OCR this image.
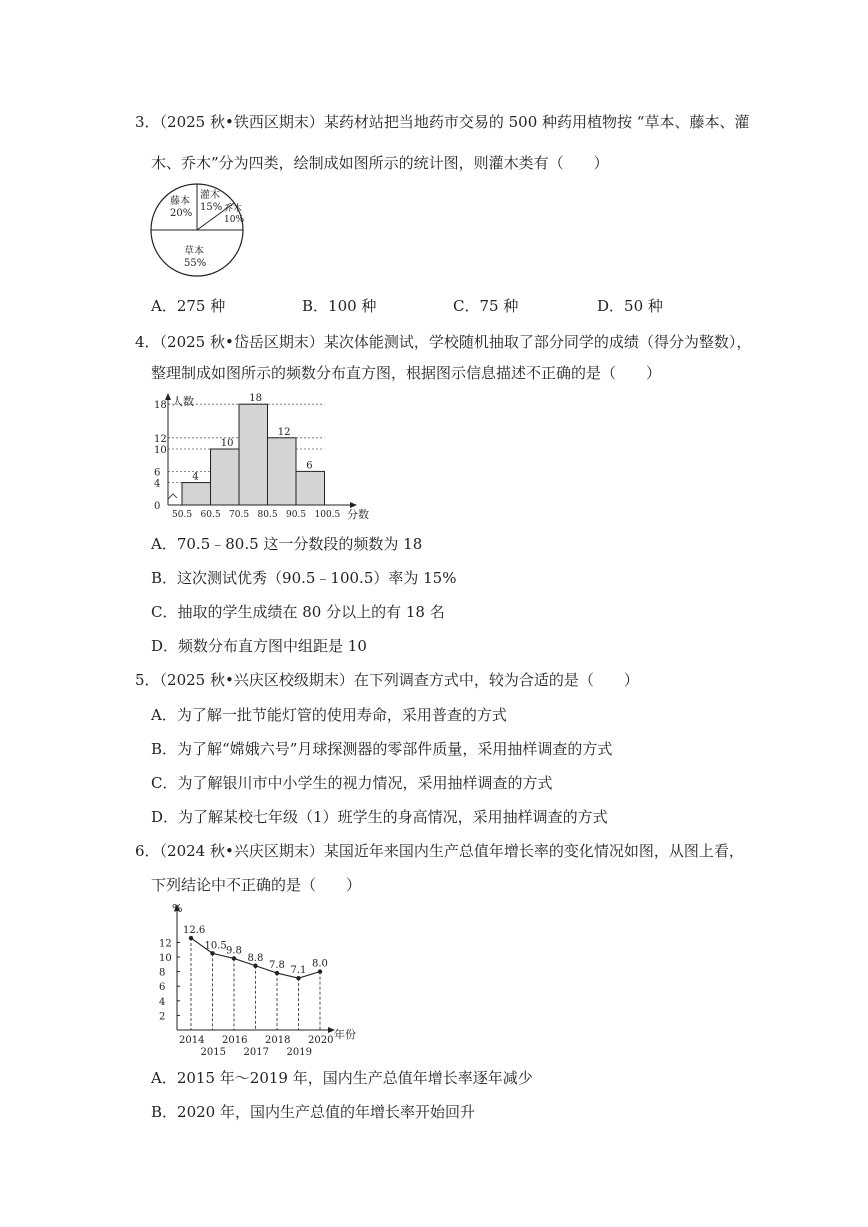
3．（2025 秋•铁西区期末）某药材站把当地药市交易的 500 种药用植物按 “草本、藤本、灌
木、乔木”分为四类，绘制成如图所示的统计图，则灌木类有（　　）
藤本
20%
灌木
15% 乔木
10%
草本
55%
A．275 种	B．100 种	C．75 种	D．50 种
4．（2025 秋•岱岳区期末）某次体能测试，学校随机抽取了部分同学的成绩（得分为整数），
整理制成如图所示的频数分布直方图，根据图示信息描述不正确的是（　　）
人数
分数
0
4
6
10
12
18
4
10
18
12
6
50.5 60.5 70.5 80.5 90.5 100.5
A．70.5﹣80.5 这一分数段的频数为 18
B．这次测试优秀（90.5﹣100.5）率为 15%
C．抽取的学生成绩在 80 分以上的有 18 名
D．频数分布直方图中组距是 10
5．（2025 秋•兴庆区校级期末）在下列调查方式中，较为合适的是（　　）
A．为了解一批节能灯管的使用寿命，采用普查的方式
B．为了解“嫦娥六号”月球探测器的零部件质量，采用抽样调查的方式
C．为了解银川市中小学生的视力情况，采用抽样调查的方式
D．为了解某校七年级（1）班学生的身高情况，采用抽样调查的方式
6．（2024 秋•兴庆区期末）某国近年来国内生产总值年增长率的变化情况如图，从图上看，
下列结论中不正确的是（　　）
%
年份
2
4
6
8
10
12
12.6
10.5 9.8
8.8
7.8 7.1
8.0
2014
2015
2016
2017
2018
2019
2020
A．2015 年～2019 年，国内生产总值年增长率逐年减少
B．2020 年，国内生产总值的年增长率开始回升
